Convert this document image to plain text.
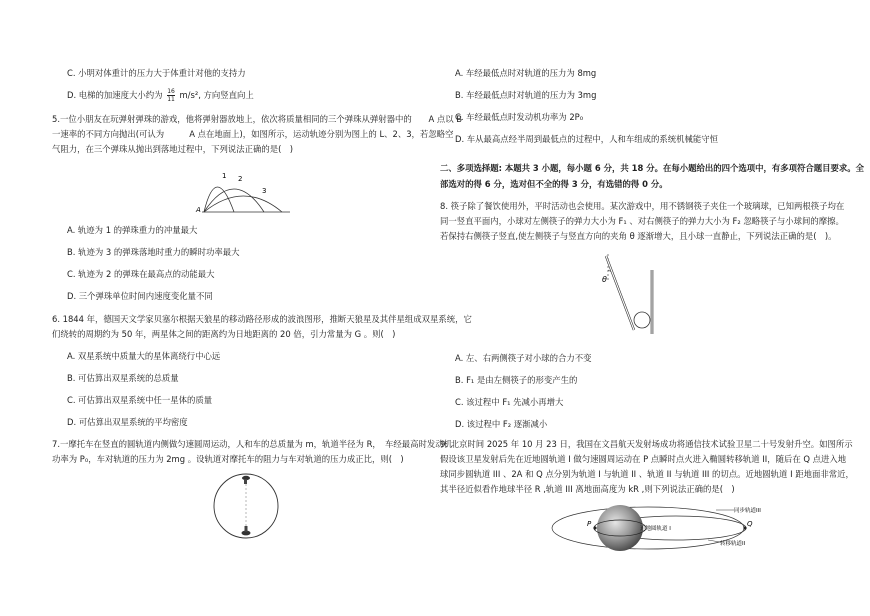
C. 小明对体重计的压力大于体重计对他的支持力
D. 电梯的加速度大小约为 $\frac{16}{11} m/s^2$, 方向竖直向上
5.一位小朋友在玩弹射弹珠的游戏，他将弹射器放地上，依次将质量相同的三个弹珠从弹射器中的　　A 点以 B
一速率的不同方向抛出(可认为　　　A 点在地面上)，如图所示，运动轨迹分别为图上的 L、2、3，若忽略空
气阻力，在三个弹珠从抛出到落地过程中，下列说法正确的是(　)
1 2
3
A
A. 轨迹为 1 的弹珠重力的冲量最大
B. 轨迹为 3 的弹珠落地时重力的瞬时功率最大
C. 轨迹为 2 的弹珠在最高点的动能最大
D. 三个弹珠单位时间内速度变化量不同
6. 1844 年，德国天文学家贝塞尔根据天狼星的移动路径形成的波浪图形，推断天狼星及其伴星组成双星系统，它
们绕转的周期约为 50 年，两星体之间的距离约为日地距离的 20 倍，引力常量为 G 。则(　)
A. 双星系统中质量大的星体离绕行中心远
B. 可估算出双星系统的总质量
C. 可估算出双星系统中任一星体的质量
D. 可估算出双星系统的平均密度
7.一摩托车在竖直的圆轨道内侧做匀速圆周运动，人和车的总质量为 m，轨道半径为 R，　车经最高时发动机
功率为 P₀，车对轨道的压力为 2mg 。设轨道对摩托车的阻力与车对轨道的压力成正比，则(　)
A. 车经最低点时对轨道的压力为 8mg
B. 车经最低点时对轨道的压力为 3mg
C. 车经最低点时发动机功率为 2P₀
D. 车从最高点经半周到最低点的过程中，人和车组成的系统机械能守恒
二、多项选择题: 本题共 3 小题，每小题 6 分，共 18 分。在每小题给出的四个选项中，有多项符合题目要求。全
部选对的得 6 分，选对但不全的得 3 分，有选错的得 0 分。
8. 筷子除了餐饮使用外，平时活动也会使用。某次游戏中，用不锈钢筷子夹住一个玻璃球，已知两根筷子均在
同一竖直平面内，小球对左侧筷子的弹力大小为 F₁ 、对右侧筷子的弹力大小为 F₂ 忽略筷子与小球间的摩擦。
若保持右侧筷子竖直,使左侧筷子与竖直方向的夹角 θ 逐渐增大，且小球一直静止，下列说法正确的是(　)。
θ
A. 左、右两侧筷子对小球的合力不变
B. F₁ 是由左侧筷子的形变产生的
C. 该过程中 F₁ 先减小再增大
D. 该过程中 F₂ 逐渐减小
9. 北京时间 2025 年 10 月 23 日，我国在文昌航天发射场成功将通信技术试验卫星二十号发射升空。如图所示
假设该卫星发射后先在近地圆轨道 I 做匀速圆周运动在 P 点瞬时点火进入椭圆转移轨道 II，随后在 Q 点进入地
球同步圆轨道 III 、2A 和 Q 点分别为轨道 I 与轨道 II 、轨道 II 与轨道 III 的切点。近地圆轨道 I 距地面非常近，
其半径近似看作地球半径 R ,轨道 III 离地面高度为 kR ,则下列说法正确的是(　)
P	Q
同步轨道III
近地圆轨道 I
转移轨道II
